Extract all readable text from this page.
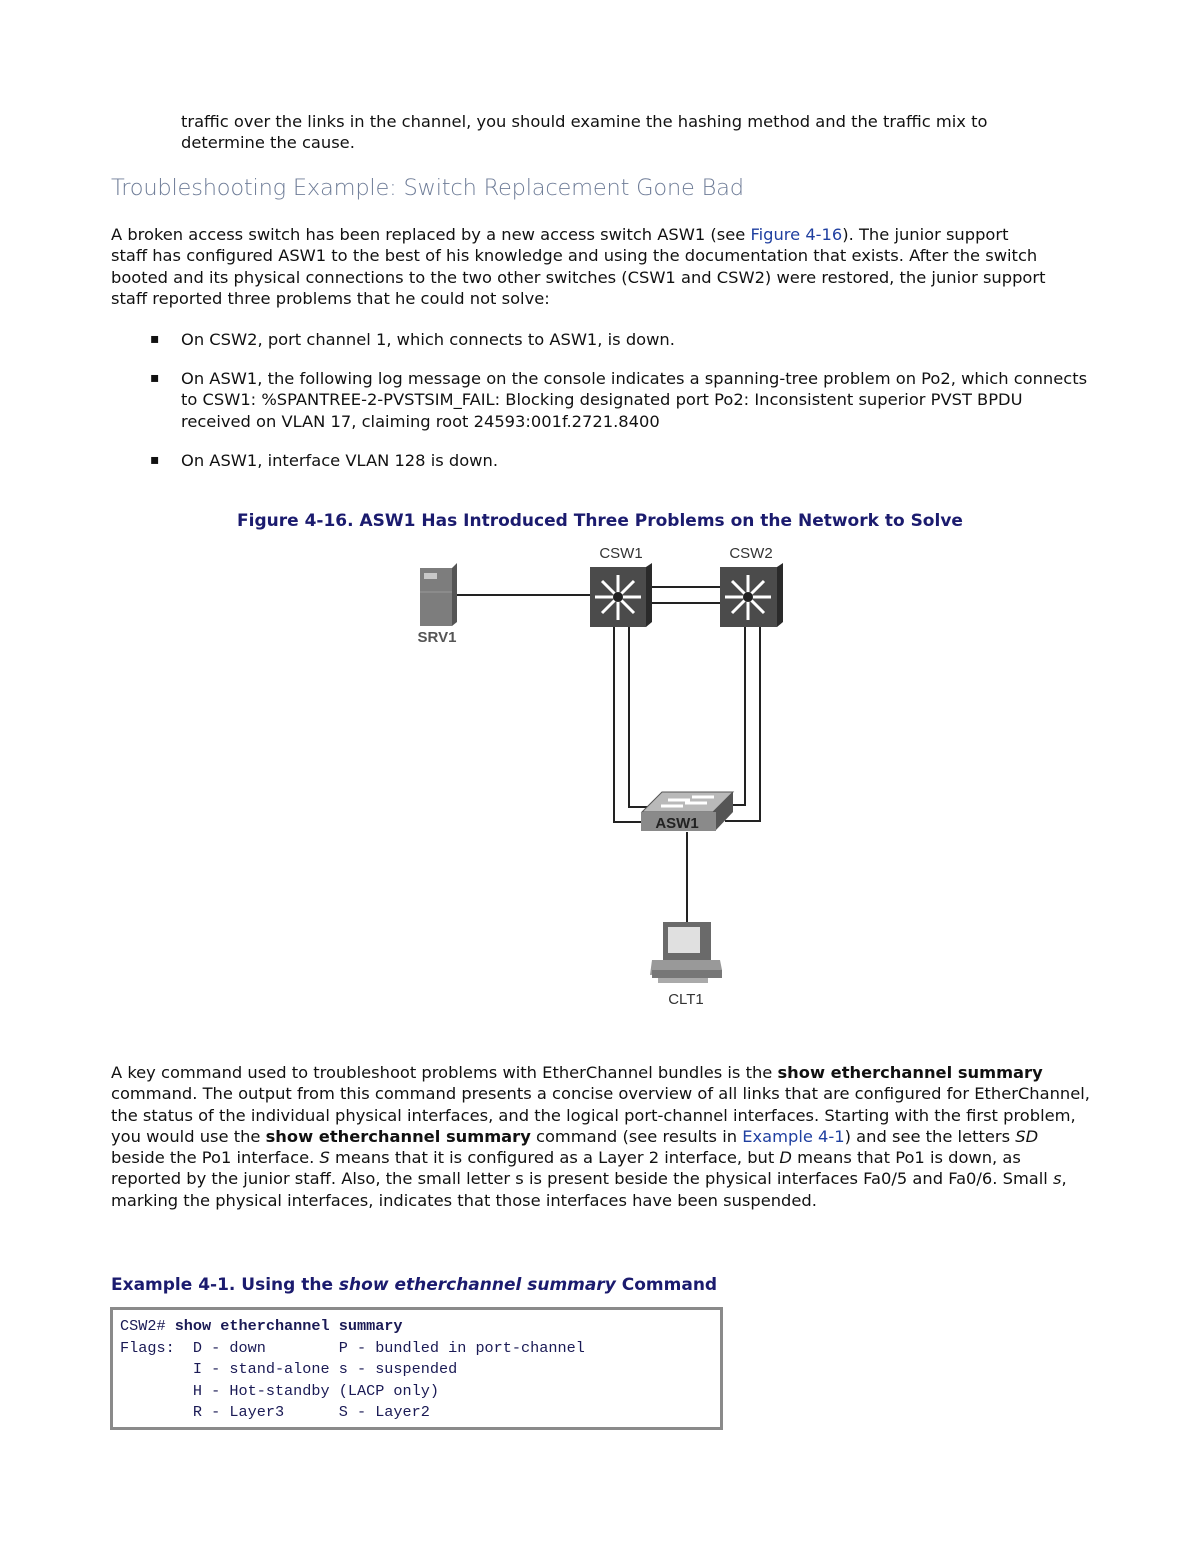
traffic over the links in the channel, you should examine the hashing method and the traffic mix to
determine the cause.

Troubleshooting Example: Switch Replacement Gone Bad

A broken access switch has been replaced by a new access switch ASW1 (see Figure 4-16). The junior support staff has configured ASW1 to the best of his knowledge and using the documentation that exists. After the switch booted and its physical connections to the two other switches (CSW1 and CSW2) were restored, the junior support staff reported three problems that he could not solve:

▪ On CSW2, port channel 1, which connects to ASW1, is down.
▪ On ASW1, the following log message on the console indicates a spanning-tree problem on Po2, which connects to CSW1: %SPANTREE-2-PVSTSIM_FAIL: Blocking designated port Po2: Inconsistent superior PVST BPDU received on VLAN 17, claiming root 24593:001f.2721.8400
▪ On ASW1, interface VLAN 128 is down.
Figure 4-16. ASW1 Has Introduced Three Problems on the Network to Solve
SRV1
CSW1	CSW2
ASW1
CLT1

A key command used to troubleshoot problems with EtherChannel bundles is the show etherchannel summary command. The output from this command presents a concise overview of all links that are configured for EtherChannel, the status of the individual physical interfaces, and the logical port-channel interfaces. Starting with the first problem, you would use the show etherchannel summary command (see results in Example 4-1) and see the letters SD beside the Po1 interface. S means that it is configured as a Layer 2 interface, but D means that Po1 is down, as reported by the junior staff. Also, the small letter s is present beside the physical interfaces Fa0/5 and Fa0/6. Small s, marking the physical interfaces, indicates that those interfaces have been suspended.

Example 4-1. Using the show etherchannel summary Command
CSW2# show etherchannel summary
Flags:  D - down        P - bundled in port-channel
I - stand-alone s - suspended
H - Hot-standby (LACP only)
R - Layer3      S - Layer2
